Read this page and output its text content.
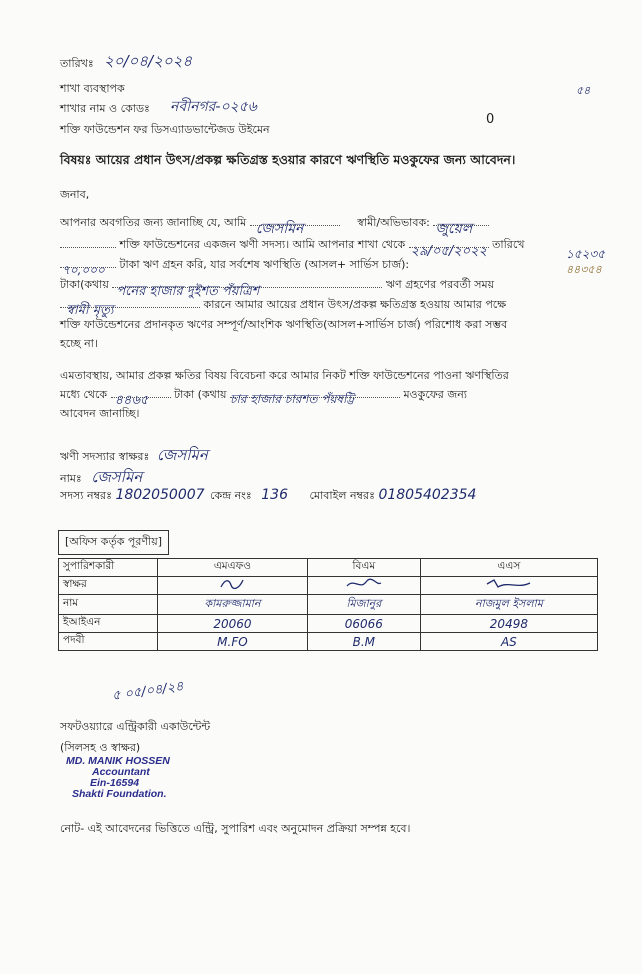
তারিখঃ ২০/০৪/২০২৪
৫৪
শাখা ব্যবস্থাপক
শাখার নাম ও কোডঃ নবীনগর-০২৫৬
শক্তি ফাউন্ডেশন ফর ডিসএ্যাডভান্টেজড উইমেন
0
বিষয়ঃ আয়ের প্রধান উৎস/প্রকল্প ক্ষতিগ্রস্ত হওয়ার কারণে ঋণস্থিতি মওকুফের জন্য আবেদন।
জনাব,
আপনার অবগতির জন্য জানাচ্ছি যে, আমি জেসমিন	স্বামী/অভিভাবক: জুয়েল
শক্তি ফাউন্ডেশনের একজন ঋণী সদস্য। আমি আপনার শাখা থেকে ২৯/০৫/২০২২ তারিখে
৭০,০০০ টাকা ঋণ গ্রহন করি, যার সর্বশেষ ঋণস্থিতি (আসল+ সার্ভিস চার্জ):
১৫২৩৫
৪৪৩৫৪
টাকা(কথায় পনের হাজার দুইশত পঁয়ত্রিশ	ঋণ গ্রহণের পরবর্তী সময়
স্বামী মৃত্যু	কারনে আমার আয়ের প্রধান উৎস/প্রকল্প ক্ষতিগ্রস্ত হওয়ায় আমার পক্ষে
শক্তি ফাউন্ডেশনের প্রদানকৃত ঋণের সম্পূর্ণ/আংশিক ঋণস্থিতি(আসল+সার্ভিস চার্জ) পরিশোধ করা সম্ভব
হচ্ছে না।
এমতাবস্থায়, আমার প্রকল্প ক্ষতির বিষয় বিবেচনা করে আমার নিকট শক্তি ফাউন্ডেশনের পাওনা ঋণস্থিতির
মধ্যে থেকে ৪৪৬৫ টাকা (কথায় চার হাজার চারশত পঁয়ষট্টি	মওকুফের জন্য
আবেদন জানাচ্ছি।
ঋণী সদস্যার স্বাক্ষরঃ জেসমিন
নামঃ জেসমিন
সদস্য নম্বরঃ 1802050007 কেন্দ্র নংঃ 136 মোবাইল নম্বরঃ 01805402354
[অফিস কর্তৃক পূরণীয়]
সুপারিশকারী	এমএফও	বিএম	এএস
স্বাক্ষর			
নাম	কামরুজ্জামান	মিজানুর	নাজমুল ইসলাম
ইআইএন	20060	06066	20498
পদবী	M.FO	B.M	AS
৫ ০৫/০৪/২৪
সফটওয়্যারে এন্ট্রিকারী একাউন্টেন্ট
(সিলসহ ও স্বাক্ষর)
MD. MANIK HOSSEN
Accountant
Ein-16594
Shakti Foundation.
নোট- এই আবেদনের ভিত্তিতে এন্ট্রি, সুপারিশ এবং অনুমোদন প্রক্রিয়া সম্পন্ন হবে।
